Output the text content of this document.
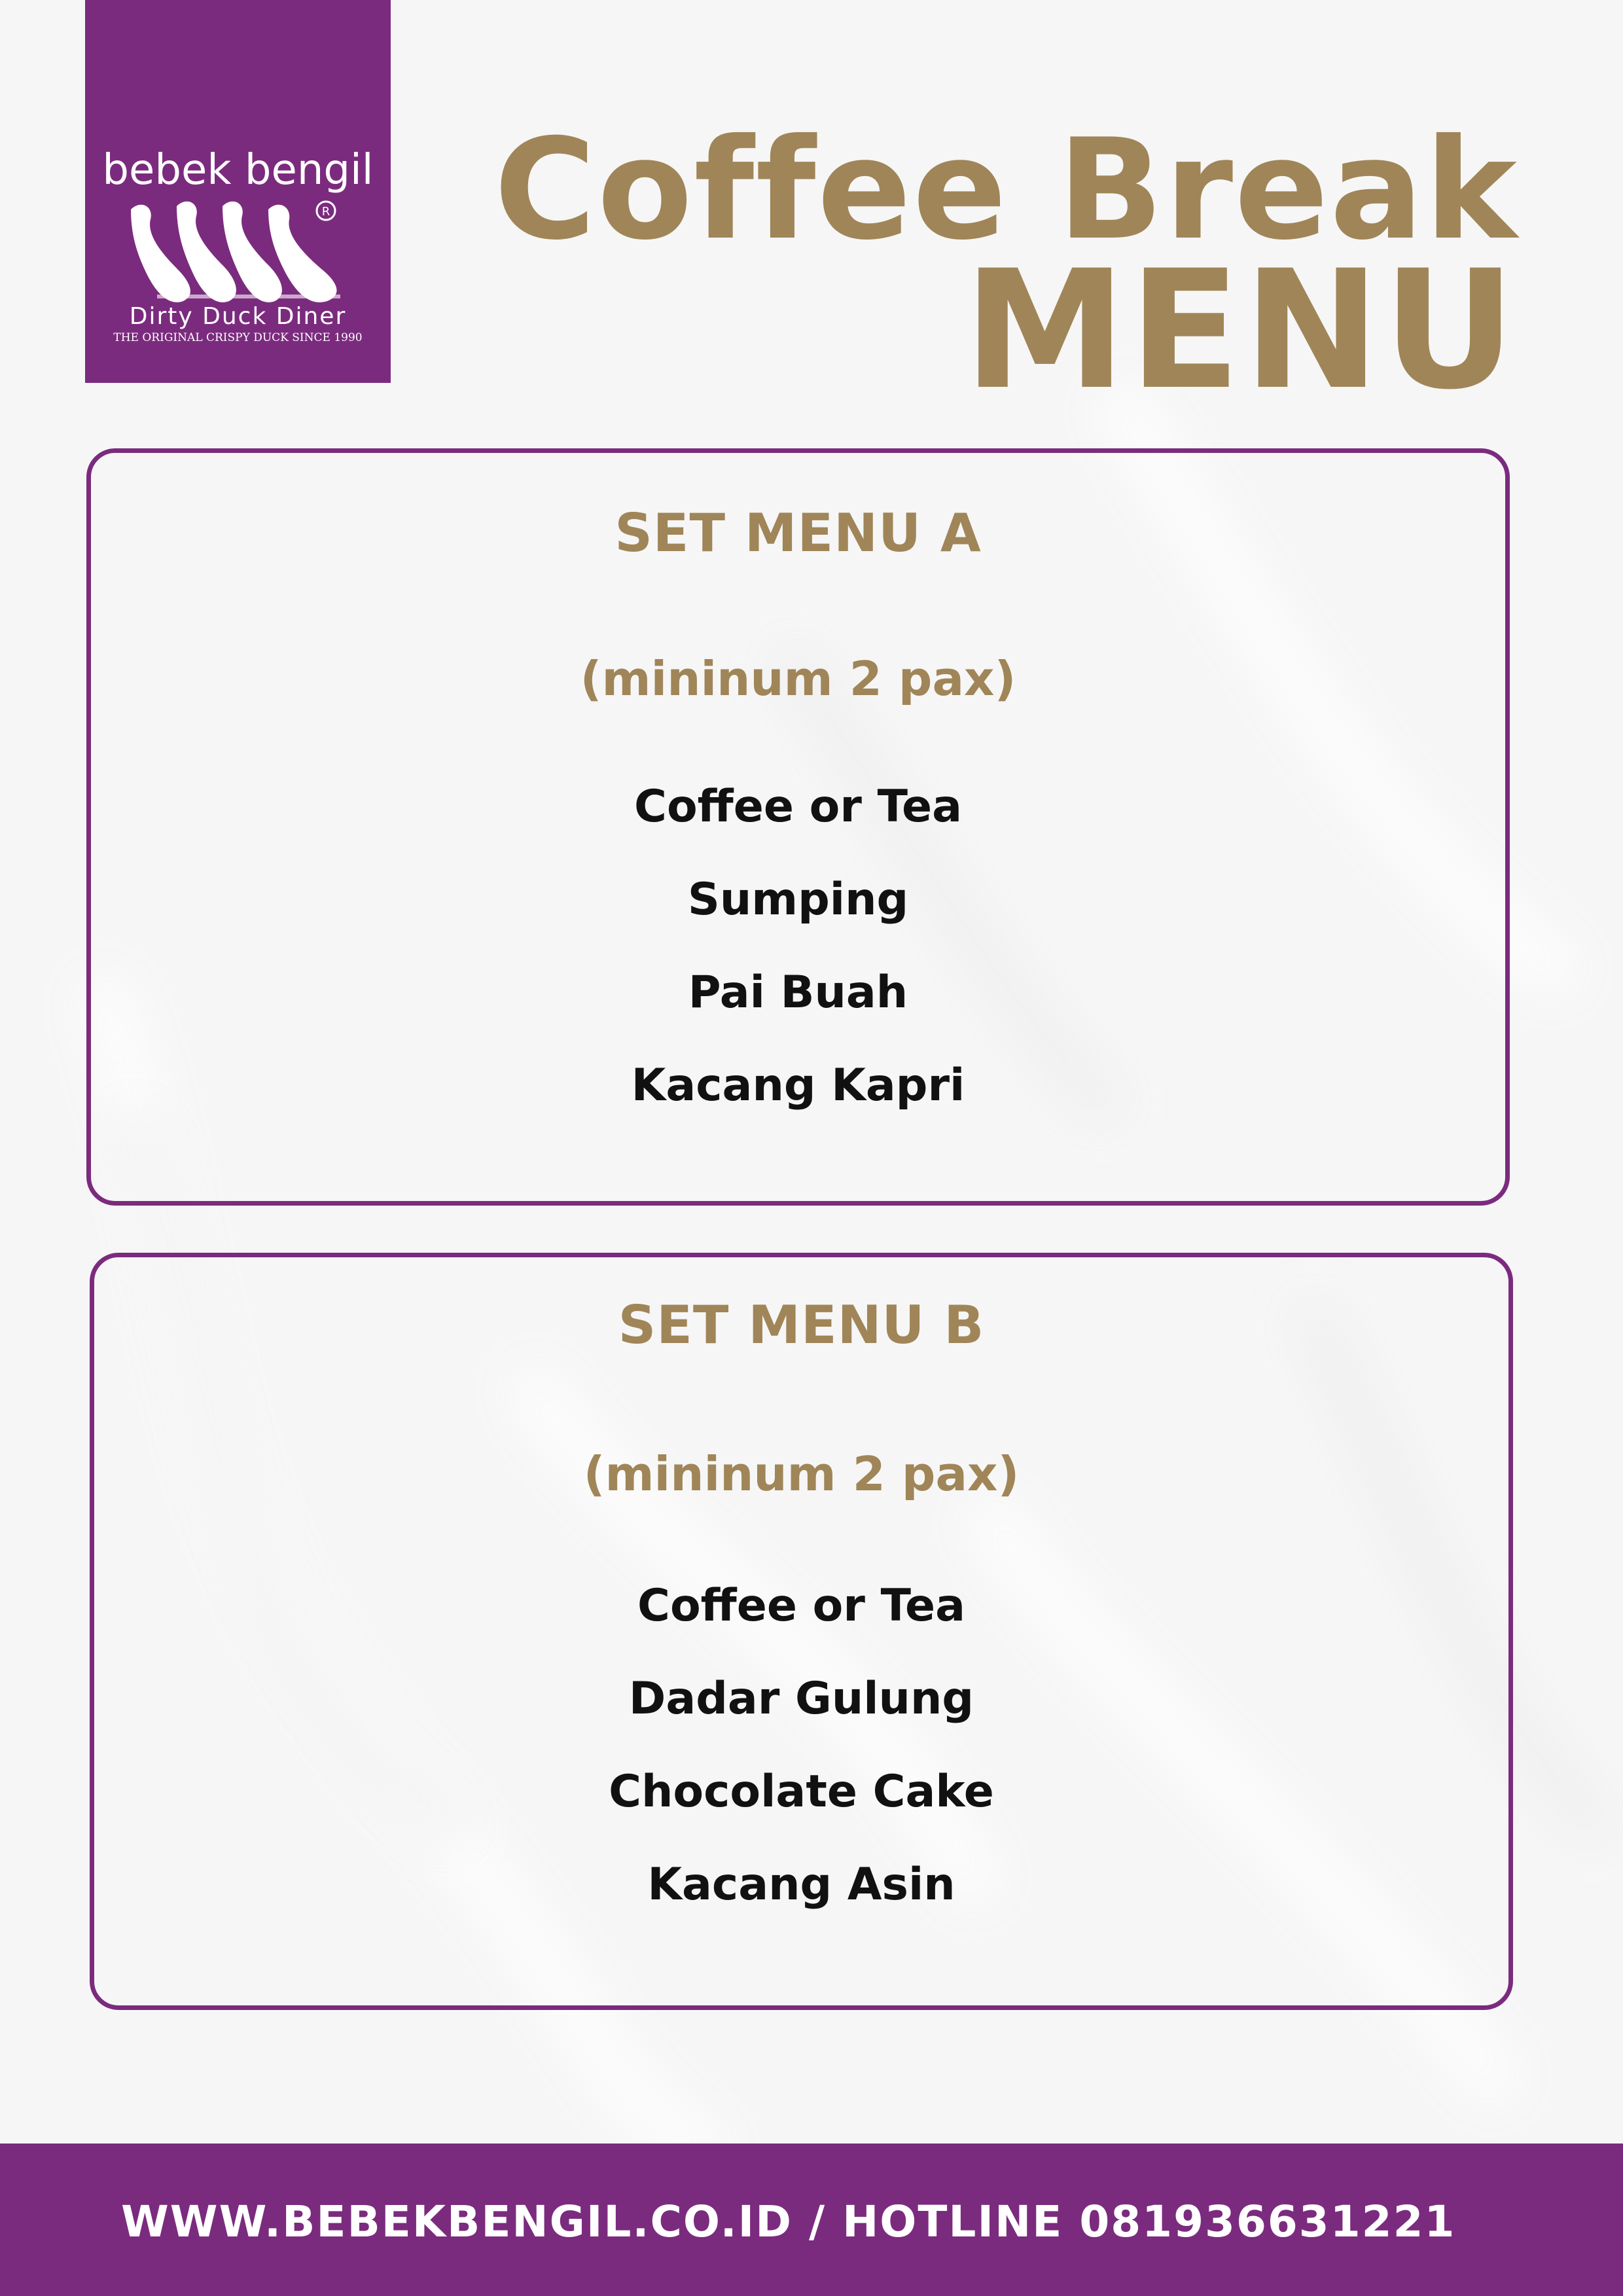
bebek bengil
R
Dirty Duck Diner
THE ORIGINAL CRISPY DUCK SINCE 1990
Coffee Break
MENU
SET MENU A
(mininum 2 pax)
Coffee or Tea
Sumping
Pai Buah
Kacang Kapri
SET MENU B
(mininum 2 pax)
Coffee or Tea
Dadar Gulung
Chocolate Cake
Kacang Asin
WWW.BEBEKBENGIL.CO.ID / HOTLINE 081936631221
